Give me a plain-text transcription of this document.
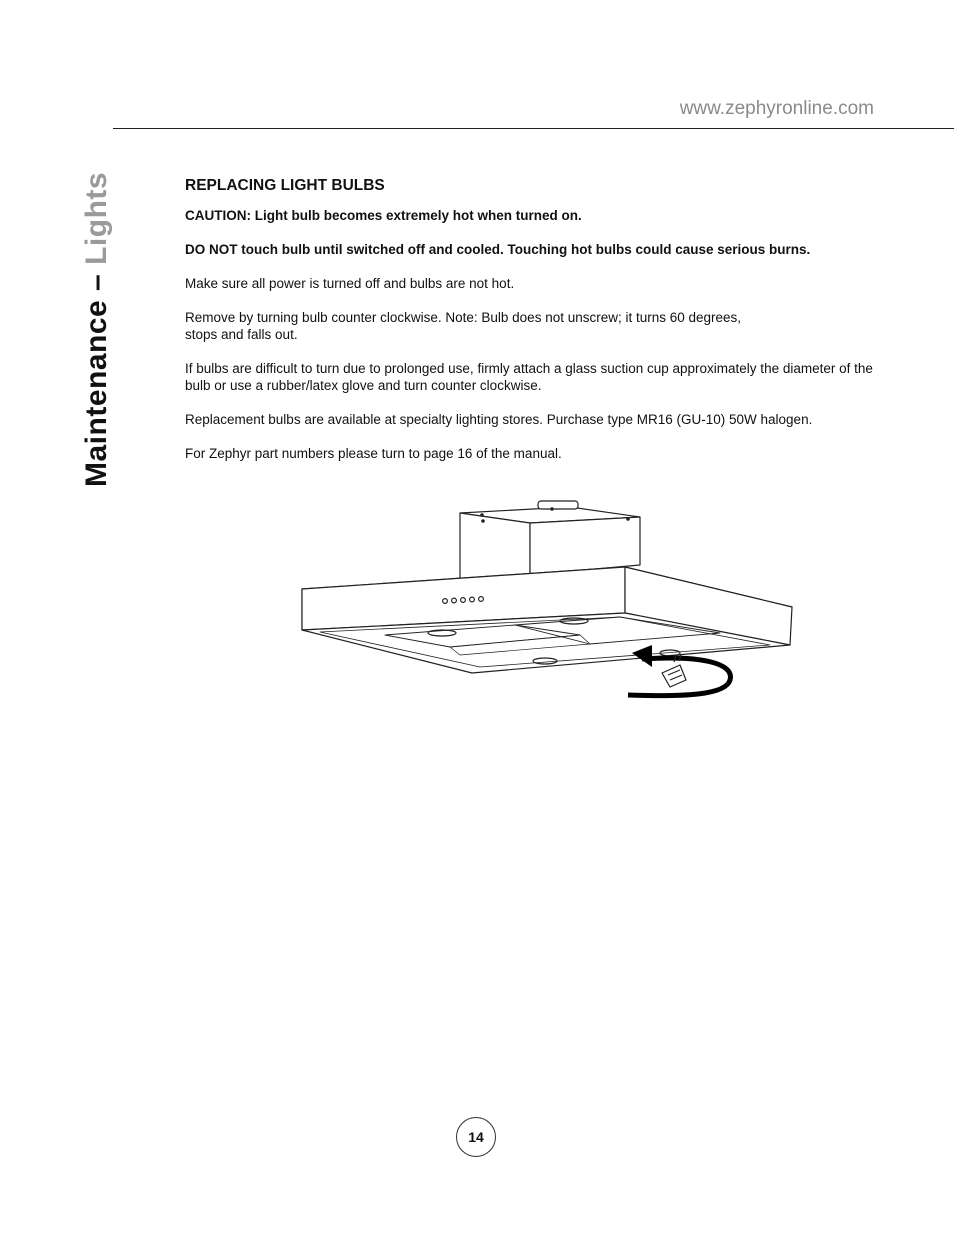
www.zephyronline.com
Maintenance – Lights	REPLACING LIGHT BULBS

CAUTION: Light bulb becomes extremely hot when turned on.

DO NOT touch bulb until switched off and cooled. Touching hot bulbs could cause serious burns.

Make sure all power is turned off and bulbs are not hot.

Remove by turning bulb counter clockwise. Note: Bulb does not unscrew; it turns 60 degrees,
stops and falls out.

If bulbs are difficult to turn due to prolonged use, firmly attach a glass suction cup approximately the diameter of the bulb or use a rubber/latex glove and turn counter clockwise.

Replacement bulbs are available at specialty lighting stores. Purchase type MR16 (GU-10) 50W halogen.

For Zephyr part numbers please turn to page 16 of the manual.

14
